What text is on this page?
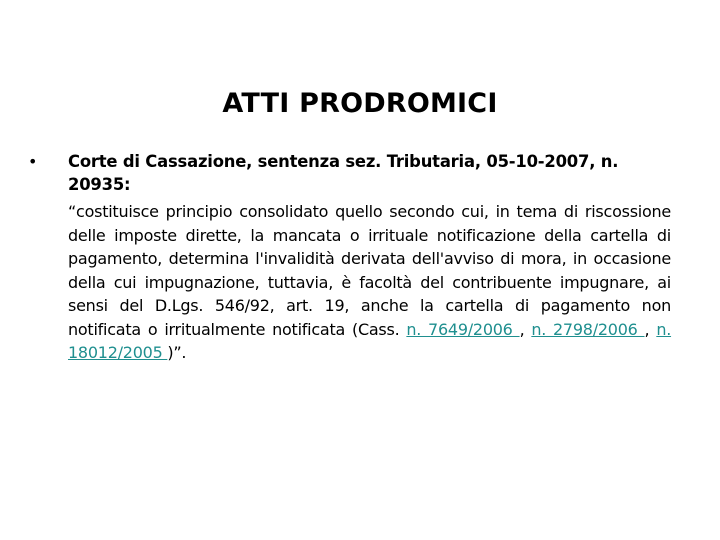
ATTI PRODROMICI
•	Corte di Cassazione, sentenza sez. Tributaria, 05-10-2007, n. 20935:

“costituisce principio consolidato quello secondo cui, in tema di riscossione delle imposte dirette, la mancata o irrituale notificazione della cartella di pagamento, determina l'invalidità derivata dell'avviso di mora, in occasione della cui impugnazione, tuttavia, è facoltà del contribuente impugnare, ai sensi del D.Lgs. 546/92, art. 19, anche la cartella di pagamento non notificata o irritualmente notificata (Cass. n. 7649/2006 , n. 2798/2006 , n. 18012/2005 )”.
